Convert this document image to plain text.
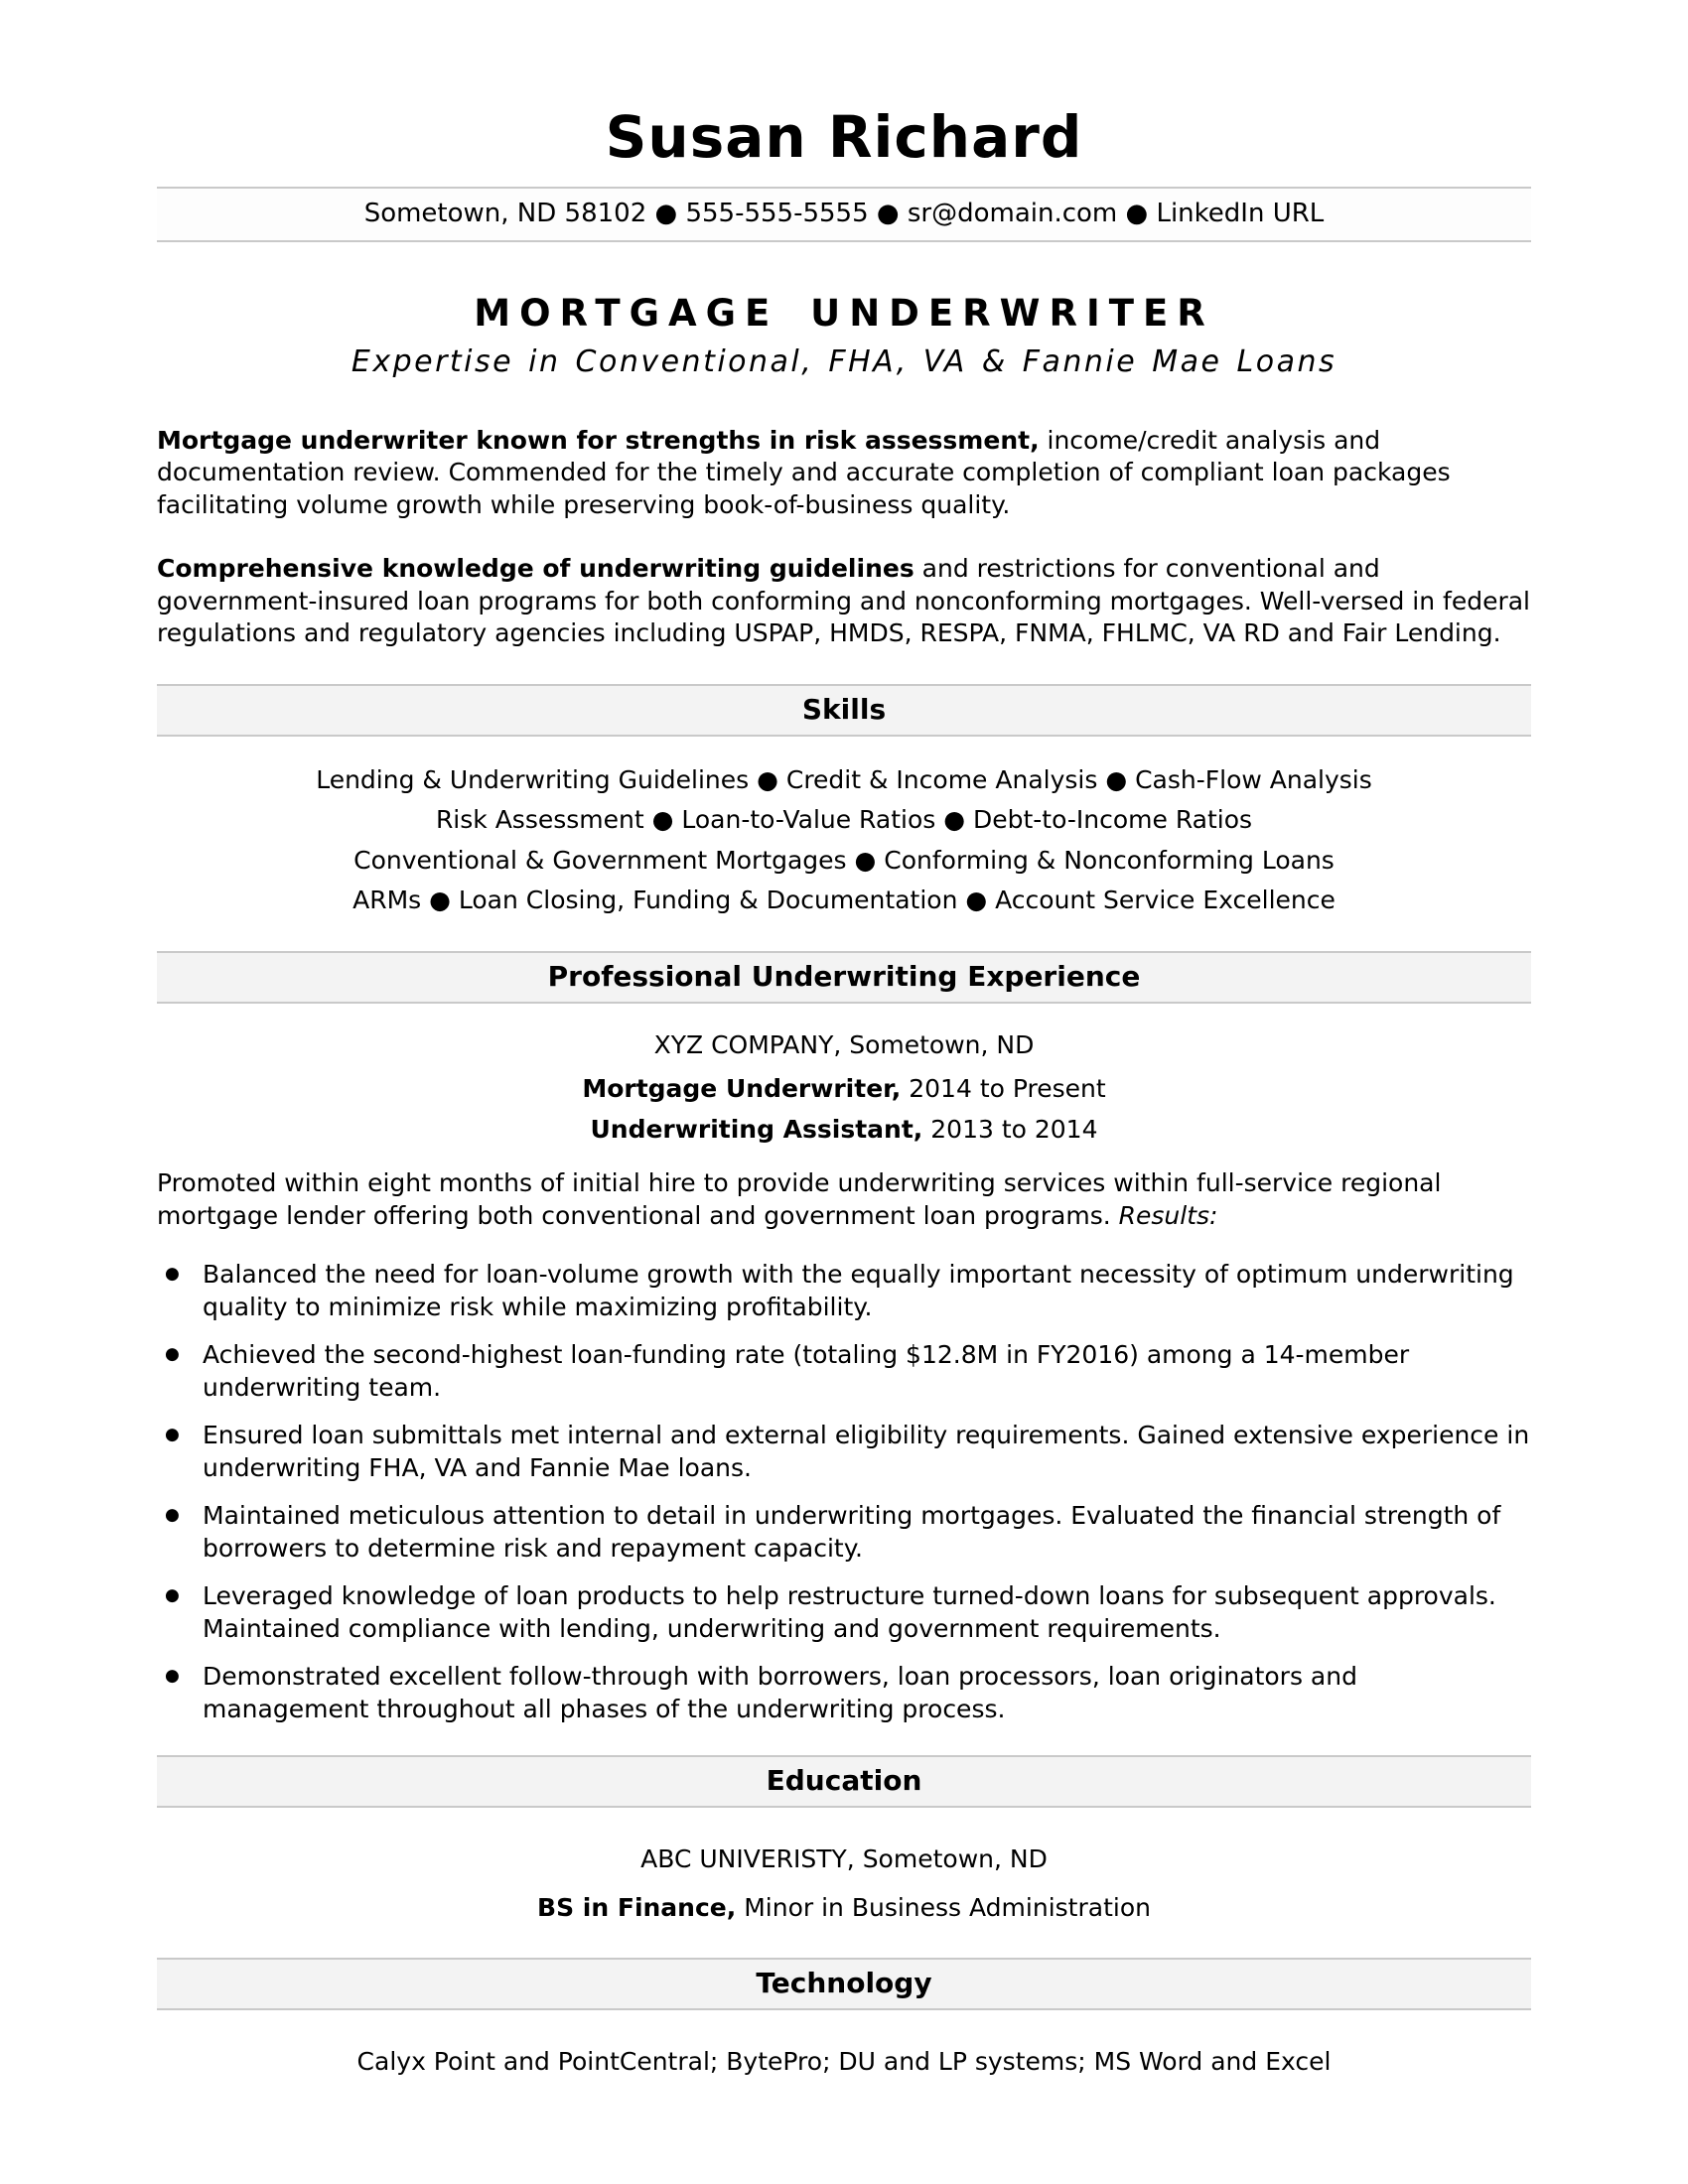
Susan Richard
Sometown, ND 58102 ● 555-555-5555 ● sr@domain.com ● LinkedIn URL
MORTGAGE UNDERWRITER
Expertise in Conventional, FHA, VA & Fannie Mae Loans

Mortgage underwriter known for strengths in risk assessment, income/credit analysis and documentation review. Commended for the timely and accurate completion of compliant loan packages facilitating volume growth while preserving book-of-business quality.

Comprehensive knowledge of underwriting guidelines and restrictions for conventional and government-insured loan programs for both conforming and nonconforming mortgages. Well-versed in federal regulations and regulatory agencies including USPAP, HMDS, RESPA, FNMA, FHLMC, VA RD and Fair Lending.

Skills
Lending & Underwriting Guidelines ● Credit & Income Analysis ● Cash-Flow Analysis
Risk Assessment ● Loan-to-Value Ratios ● Debt-to-Income Ratios
Conventional & Government Mortgages ● Conforming & Nonconforming Loans
ARMs ● Loan Closing, Funding & Documentation ● Account Service Excellence
Professional Underwriting Experience
XYZ COMPANY, Sometown, ND
Mortgage Underwriter, 2014 to Present
Underwriting Assistant, 2013 to 2014

Promoted within eight months of initial hire to provide underwriting services within full-service regional mortgage lender offering both conventional and government loan programs. Results:

● Balanced the need for loan-volume growth with the equally important necessity of optimum underwriting quality to minimize risk while maximizing profitability.
● Achieved the second-highest loan-funding rate (totaling $12.8M in FY2016) among a 14-member underwriting team.
● Ensured loan submittals met internal and external eligibility requirements. Gained extensive experience in underwriting FHA, VA and Fannie Mae loans.
● Maintained meticulous attention to detail in underwriting mortgages. Evaluated the financial strength of borrowers to determine risk and repayment capacity.
● Leveraged knowledge of loan products to help restructure turned-down loans for subsequent approvals. Maintained compliance with lending, underwriting and government requirements.
● Demonstrated excellent follow-through with borrowers, loan processors, loan originators and management throughout all phases of the underwriting process.
Education
ABC UNIVERISTY, Sometown, ND
BS in Finance, Minor in Business Administration
Technology
Calyx Point and PointCentral; BytePro; DU and LP systems; MS Word and Excel
